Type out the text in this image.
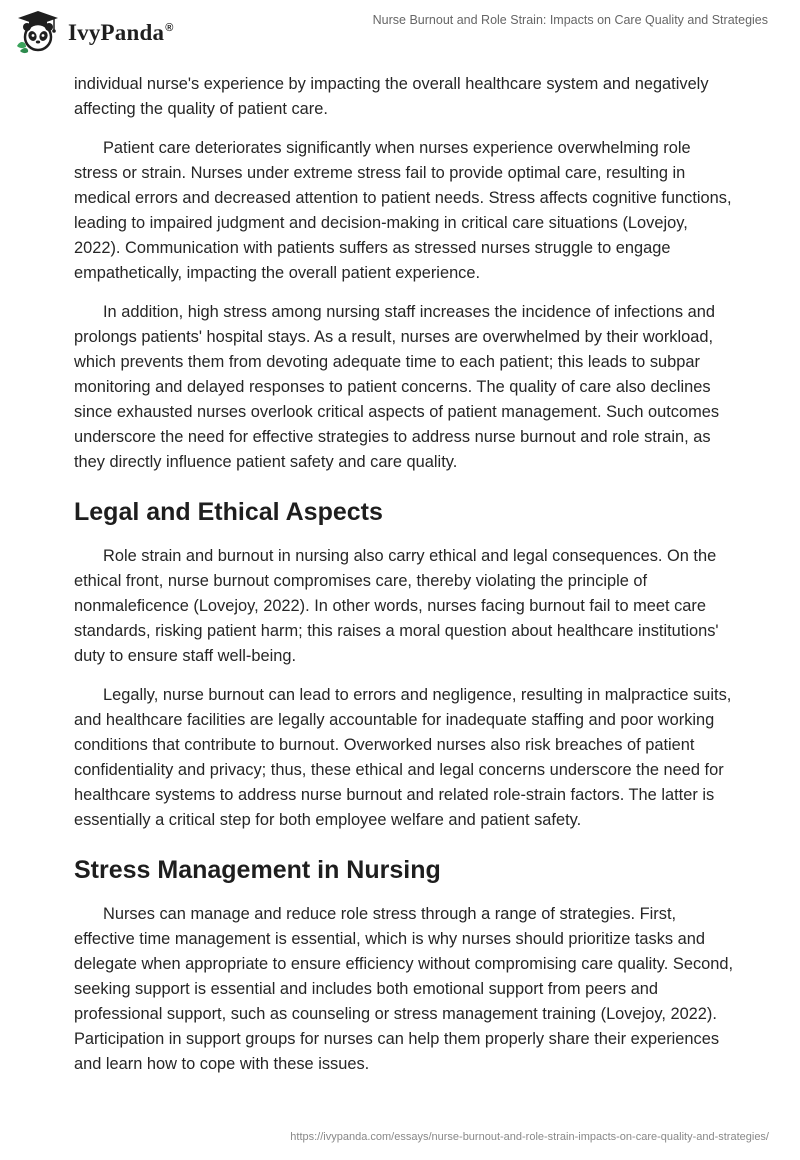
IvyPanda®
Nurse Burnout and Role Strain: Impacts on Care Quality and Strategies

individual nurse's experience by impacting the overall healthcare system and negatively affecting the quality of patient care.

Patient care deteriorates significantly when nurses experience overwhelming role stress or strain. Nurses under extreme stress fail to provide optimal care, resulting in medical errors and decreased attention to patient needs. Stress affects cognitive functions, leading to impaired judgment and decision-making in critical care situations (Lovejoy, 2022). Communication with patients suffers as stressed nurses struggle to engage empathetically, impacting the overall patient experience.

In addition, high stress among nursing staff increases the incidence of infections and prolongs patients' hospital stays. As a result, nurses are overwhelmed by their workload, which prevents them from devoting adequate time to each patient; this leads to subpar monitoring and delayed responses to patient concerns. The quality of care also declines since exhausted nurses overlook critical aspects of patient management. Such outcomes underscore the need for effective strategies to address nurse burnout and role strain, as they directly influence patient safety and care quality.

Legal and Ethical Aspects

Role strain and burnout in nursing also carry ethical and legal consequences. On the ethical front, nurse burnout compromises care, thereby violating the principle of nonmaleficence (Lovejoy, 2022). In other words, nurses facing burnout fail to meet care standards, risking patient harm; this raises a moral question about healthcare institutions' duty to ensure staff well-being.

Legally, nurse burnout can lead to errors and negligence, resulting in malpractice suits, and healthcare facilities are legally accountable for inadequate staffing and poor working conditions that contribute to burnout. Overworked nurses also risk breaches of patient confidentiality and privacy; thus, these ethical and legal concerns underscore the need for healthcare systems to address nurse burnout and related role-strain factors. The latter is essentially a critical step for both employee welfare and patient safety.

Stress Management in Nursing

Nurses can manage and reduce role stress through a range of strategies. First, effective time management is essential, which is why nurses should prioritize tasks and delegate when appropriate to ensure efficiency without compromising care quality. Second, seeking support is essential and includes both emotional support from peers and professional support, such as counseling or stress management training (Lovejoy, 2022). Participation in support groups for nurses can help them properly share their experiences and learn how to cope with these issues.

https://ivypanda.com/essays/nurse-burnout-and-role-strain-impacts-on-care-quality-and-strategies/
